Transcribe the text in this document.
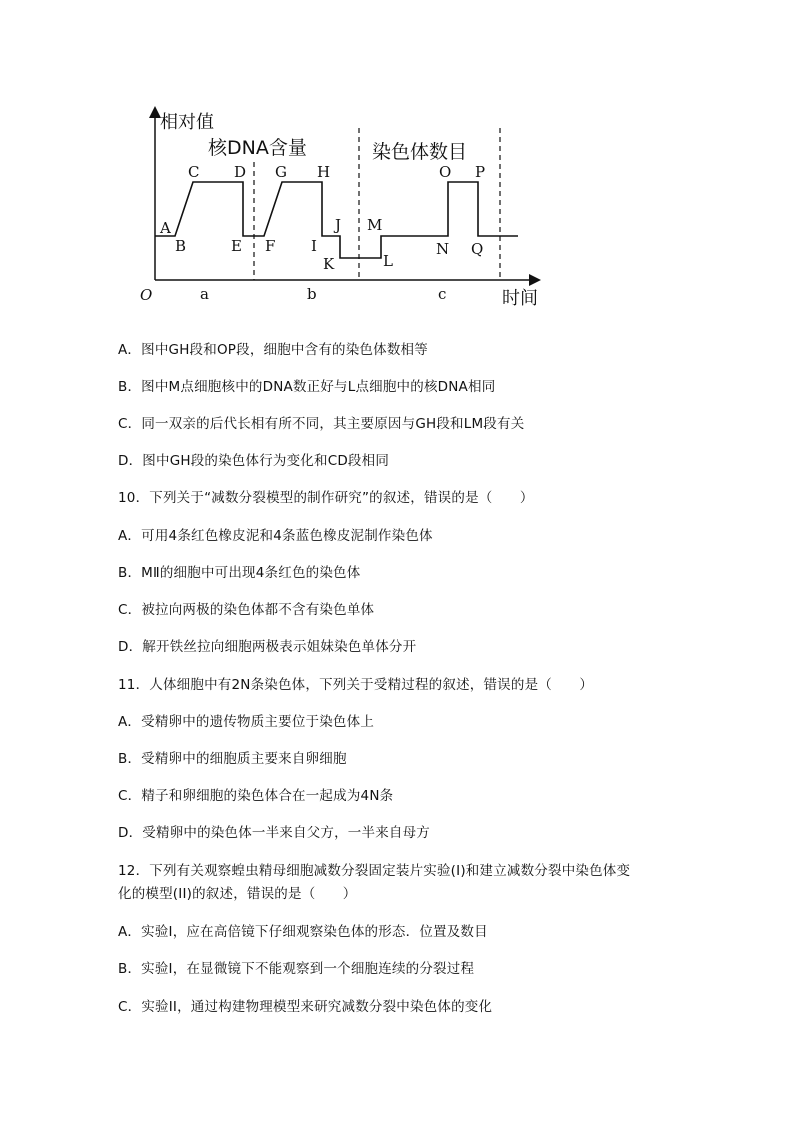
相对值
时间
O
核DNA含量	染色体数目
a	b	c
A
B
C D
E F
G H
I
J
K	L
M
N
O P
Q
A．图中GH段和OP段，细胞中含有的染色体数相等
B．图中M点细胞核中的DNA数正好与L点细胞中的核DNA相同
C．同一双亲的后代长相有所不同，其主要原因与GH段和LM段有关
D．图中GH段的染色体行为变化和CD段相同
10．下列关于“减数分裂模型的制作研究”的叙述，错误的是（　　）
A．可用4条红色橡皮泥和4条蓝色橡皮泥制作染色体
B．MⅡ的细胞中可出现4条红色的染色体
C．被拉向两极的染色体都不含有染色单体
D．解开铁丝拉向细胞两极表示姐妹染色单体分开
11．人体细胞中有2N条染色体，下列关于受精过程的叙述，错误的是（　　）
A．受精卵中的遗传物质主要位于染色体上
B．受精卵中的细胞质主要来自卵细胞
C．精子和卵细胞的染色体合在一起成为4N条
D．受精卵中的染色体一半来自父方，一半来自母方
12．下列有关观察蝗虫精母细胞减数分裂固定装片实验(I)和建立减数分裂中染色体变
化的模型(II)的叙述，错误的是（　　）
A．实验I，应在高倍镜下仔细观察染色体的形态．位置及数目
B．实验I，在显微镜下不能观察到一个细胞连续的分裂过程
C．实验II，通过构建物理模型来研究减数分裂中染色体的变化
